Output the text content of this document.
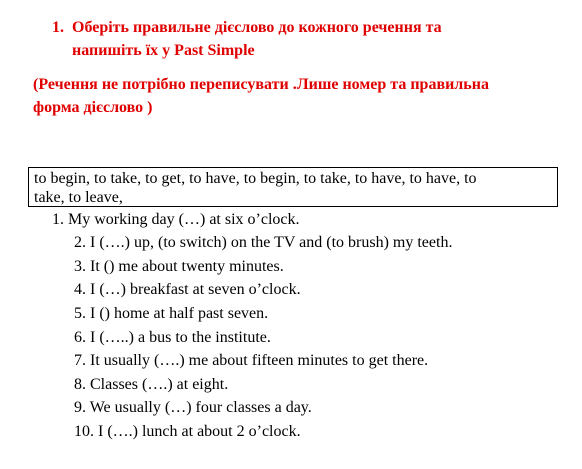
1. Оберіть правильне дієслово до кожного речення та
напишіть їх у Past Simple
(Речення не потрібно переписувати .Лише номер та правильна
форма дієслово )
to begin, to take, to get, to have, to begin, to take, to have, to have, to
take, to leave,
1. My working day (…) at six o’clock.
2. I (….) up, (to switch) on the TV and (to brush) my teeth.
3. It () me about twenty minutes.
4. I (…) breakfast at seven o’clock.
5. I () home at half past seven.
6. I (…..) a bus to the institute.
7. It usually (….) me about fifteen minutes to get there.
8. Classes (….) at eight.
9. We usually (…) four classes a day.
10. I (….) lunch at about 2 o’clock.
